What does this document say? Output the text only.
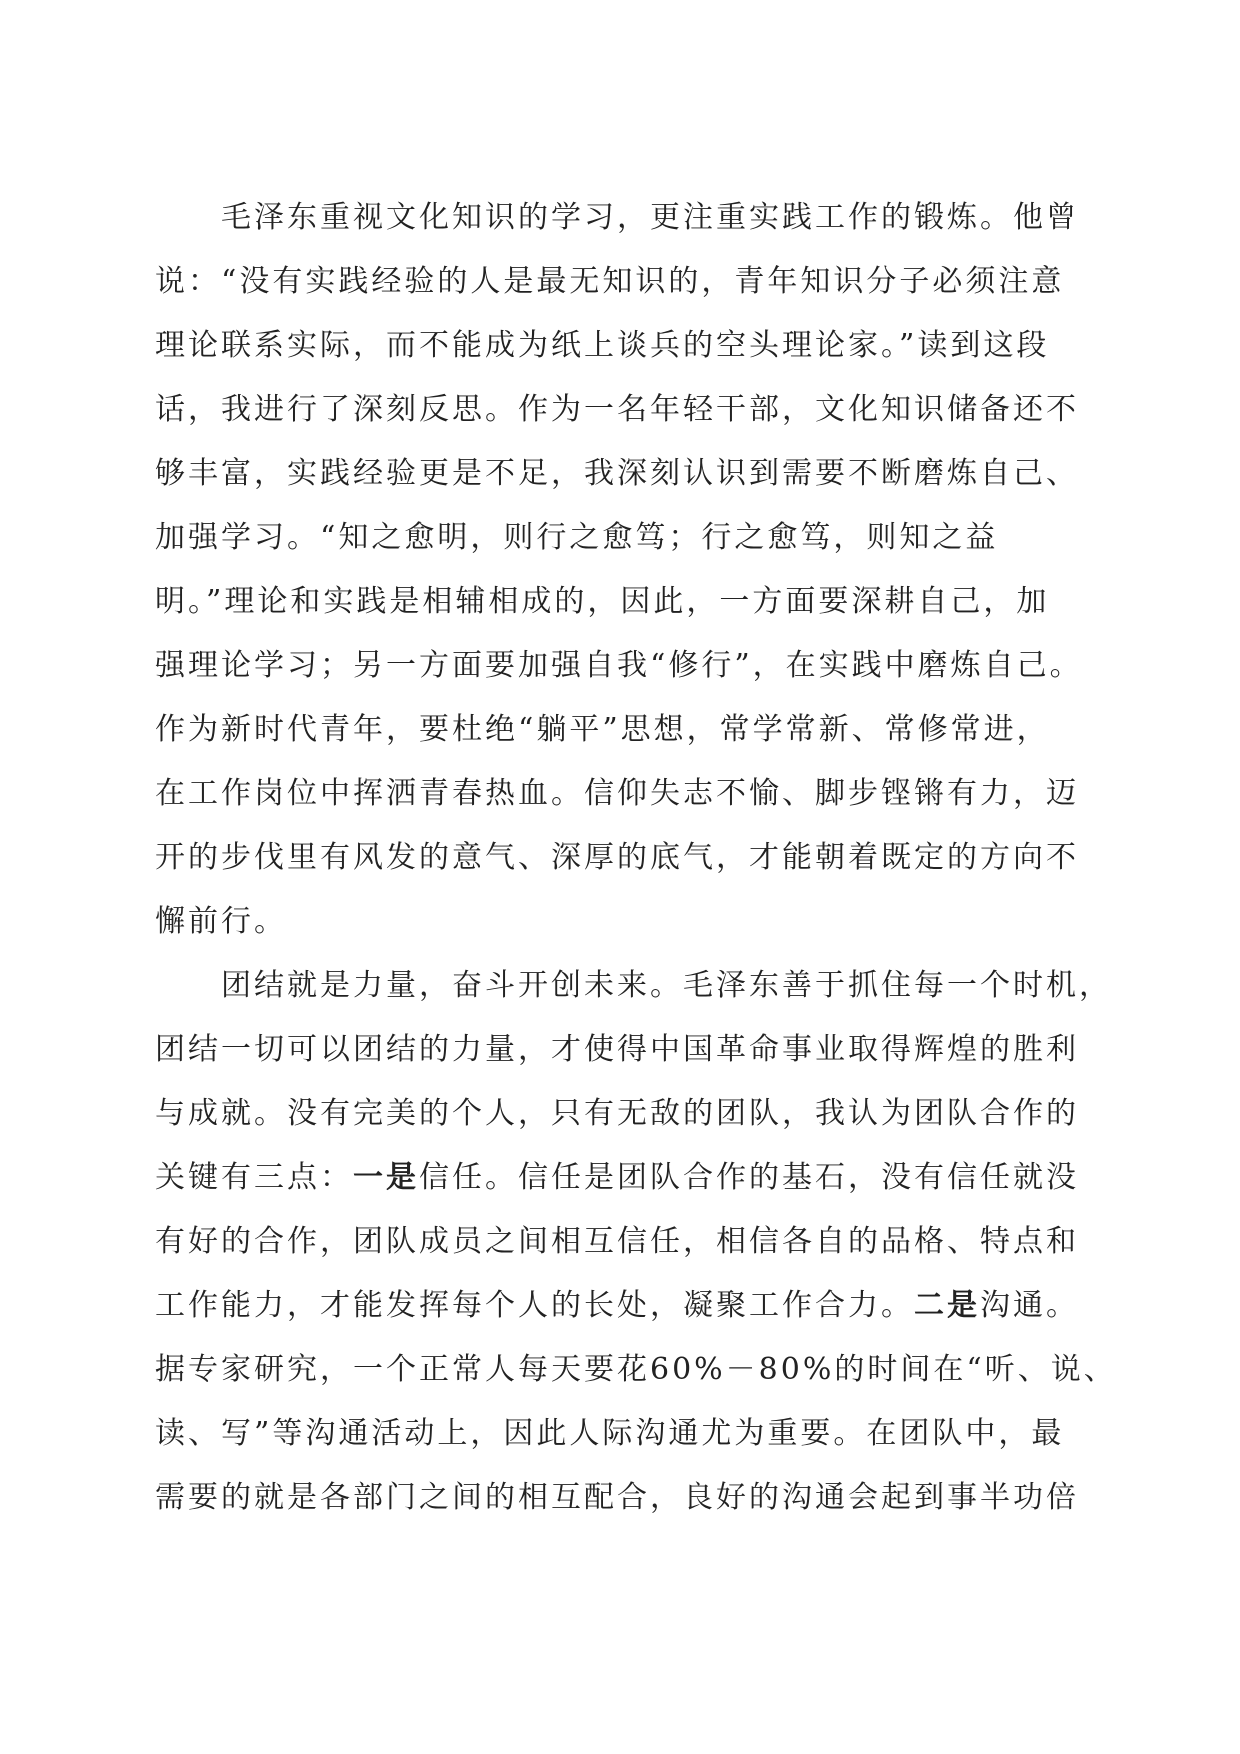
毛泽东重视文化知识的学习，更注重实践工作的锻炼。他曾
说：“没有实践经验的人是最无知识的，青年知识分子必须注意
理论联系实际，而不能成为纸上谈兵的空头理论家。”读到这段
话，我进行了深刻反思。作为一名年轻干部，文化知识储备还不
够丰富，实践经验更是不足，我深刻认识到需要不断磨炼自己、
加强学习。“知之愈明，则行之愈笃；行之愈笃，则知之益
明。”理论和实践是相辅相成的，因此，一方面要深耕自己，加
强理论学习；另一方面要加强自我“修行”，在实践中磨炼自己。
作为新时代青年，要杜绝“躺平”思想，常学常新、常修常进，
在工作岗位中挥洒青春热血。信仰失志不愉、脚步铿锵有力，迈
开的步伐里有风发的意气、深厚的底气，才能朝着既定的方向不
懈前行。
团结就是力量，奋斗开创未来。毛泽东善于抓住每一个时机，
团结一切可以团结的力量，才使得中国革命事业取得辉煌的胜利
与成就。没有完美的个人，只有无敌的团队，我认为团队合作的
关键有三点：一是信任。信任是团队合作的基石，没有信任就没
有好的合作，团队成员之间相互信任，相信各自的品格、特点和
工作能力，才能发挥每个人的长处，凝聚工作合力。二是沟通。
据专家研究，一个正常人每天要花60%－80%的时间在“听、说、
读、写”等沟通活动上，因此人际沟通尤为重要。在团队中，最
需要的就是各部门之间的相互配合，良好的沟通会起到事半功倍
